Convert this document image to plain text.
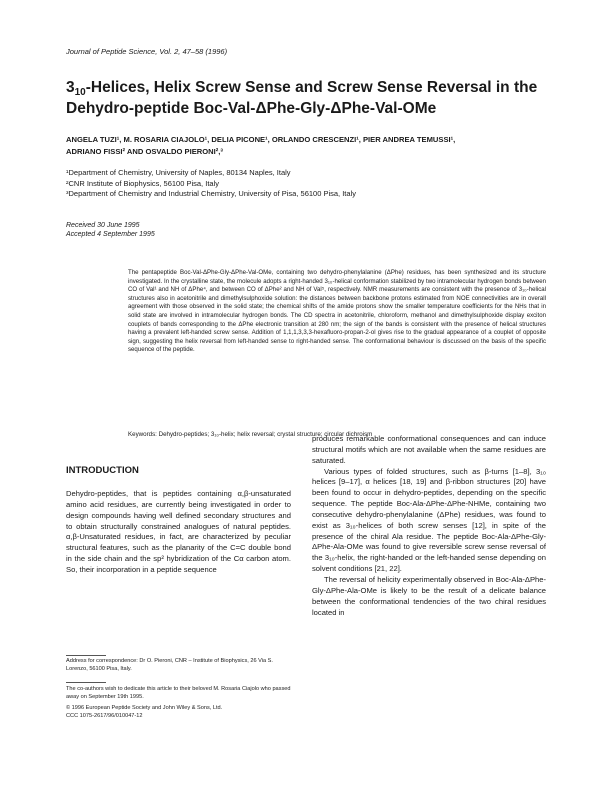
Journal of Peptide Science, Vol. 2, 47–58 (1996)
310-Helices, Helix Screw Sense and Screw Sense Reversal in the Dehydro-peptide Boc-Val-ΔPhe-Gly-ΔPhe-Val-OMe
ANGELA TUZI¹, M. ROSARIA CIAJOLO¹, DELIA PICONE¹, ORLANDO CRESCENZI¹, PIER ANDREA TEMUSSI¹,
ADRIANO FISSI² AND OSVALDO PIERONI²,³
¹Department of Chemistry, University of Naples, 80134 Naples, Italy
²CNR Institute of Biophysics, 56100 Pisa, Italy
³Department of Chemistry and Industrial Chemistry, University of Pisa, 56100 Pisa, Italy
Received 30 June 1995
Accepted 4 September 1995
The pentapeptide Boc-Val-ΔPhe-Gly-ΔPhe-Val-OMe, containing two dehydro-phenylalanine (ΔPhe) residues, has been synthesized and its structure investigated. In the crystalline state, the molecule adopts a right-handed 3₁₀-helical conformation stabilized by two intramolecular hydrogen bonds between CO of Val¹ and NH of ΔPhe⁴, and between CO of ΔPhe² and NH of Val⁵, respectively. NMR measurements are consistent with the presence of 3₁₀-helical structures also in acetonitrile and dimethylsulphoxide solution: the distances between backbone protons estimated from NOE connectivities are in overall agreement with those observed in the solid state; the chemical shifts of the amide protons show the smaller temperature coefficients for the NHs that in solid state are involved in intramolecular hydrogen bonds. The CD spectra in acetonitrile, chloroform, methanol and dimethylsulphoxide display exciton couplets of bands corresponding to the ΔPhe electronic transition at 280 nm; the sign of the bands is consistent with the presence of helical structures having a prevalent left-handed screw sense. Addition of 1,1,1,3,3,3-hexafluoro-propan-2-ol gives rise to the gradual appearance of a couplet of opposite sign, suggesting the helix reversal from left-handed sense to right-handed sense. The conformational behaviour is discussed on the basis of the specific sequence of the peptide.
Keywords: Dehydro-peptides; 3₁₀-helix; helix reversal; crystal structure; circular dichroism
INTRODUCTION

Dehydro-peptides, that is peptides containing α,β-unsaturated amino acid residues, are currently being investigated in order to design compounds having well defined secondary structures and to obtain structurally constrained analogues of natural peptides. α,β-Unsaturated residues, in fact, are characterized by peculiar structural features, such as the planarity of the C=C double bond in the side chain and the sp² hybridization of the Cα carbon atom. So, their incorporation in a peptide sequence

produces remarkable conformational consequences and can induce structural motifs which are not available when the same residues are saturated.

Various types of folded structures, such as β-turns [1–8], 3₁₀ helices [9–17], α helices [18, 19] and β-ribbon structures [20] have been found to occur in dehydro-peptides, depending on the specific sequence. The peptide Boc-Ala-ΔPhe-ΔPhe-NHMe, containing two consecutive dehydro-phenylalanine (ΔPhe) residues, was found to exist as 3₁₀-helices of both screw senses [12], in spite of the presence of the chiral Ala residue. The peptide Boc-Ala-ΔPhe-Gly-ΔPhe-Ala-OMe was found to give reversible screw sense reversal of the 3₁₀-helix, the right-handed or the left-handed sense depending on solvent conditions [21, 22].

The reversal of helicity experimentally observed in Boc-Ala-ΔPhe-Gly-ΔPhe-Ala-OMe is likely to be the result of a delicate balance between the conformational tendencies of the two chiral residues located in

Address for correspondence: Dr O. Pieroni, CNR – Institute of Biophysics, 26 Via S. Lorenzo, 56100 Pisa, Italy.
The co-authors wish to dedicate this article to their beloved M. Rosaria Ciajolo who passed away on September 19th 1995.
© 1996 European Peptide Society and John Wiley & Sons, Ltd.
CCC 1075-2617/96/010047-12
